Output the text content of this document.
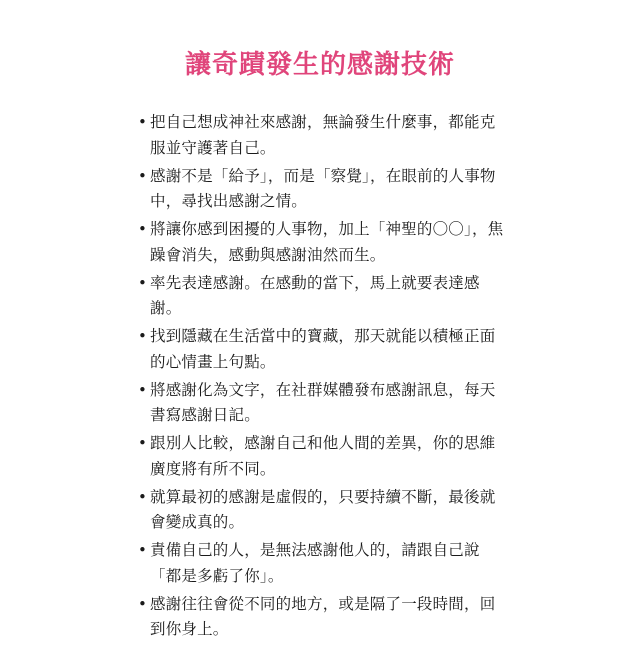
讓奇蹟發生的感謝技術
• 把自己想成神社來感謝，無論發生什麼事，都能克服並守護著自己。
• 感謝不是「給予」，而是「察覺」，在眼前的人事物中，尋找出感謝之情。
• 將讓你感到困擾的人事物，加上「神聖的〇〇」，焦躁會消失，感動與感謝油然而生。
• 率先表達感謝。在感動的當下，馬上就要表達感謝。
• 找到隱藏在生活當中的寶藏，那天就能以積極正面的心情畫上句點。
• 將感謝化為文字，在社群媒體發布感謝訊息，每天書寫感謝日記。
• 跟別人比較，感謝自己和他人間的差異，你的思維廣度將有所不同。
• 就算最初的感謝是虛假的，只要持續不斷，最後就會變成真的。
• 責備自己的人，是無法感謝他人的，請跟自己說「都是多虧了你」。
• 感謝往往會從不同的地方，或是隔了一段時間，回到你身上。
